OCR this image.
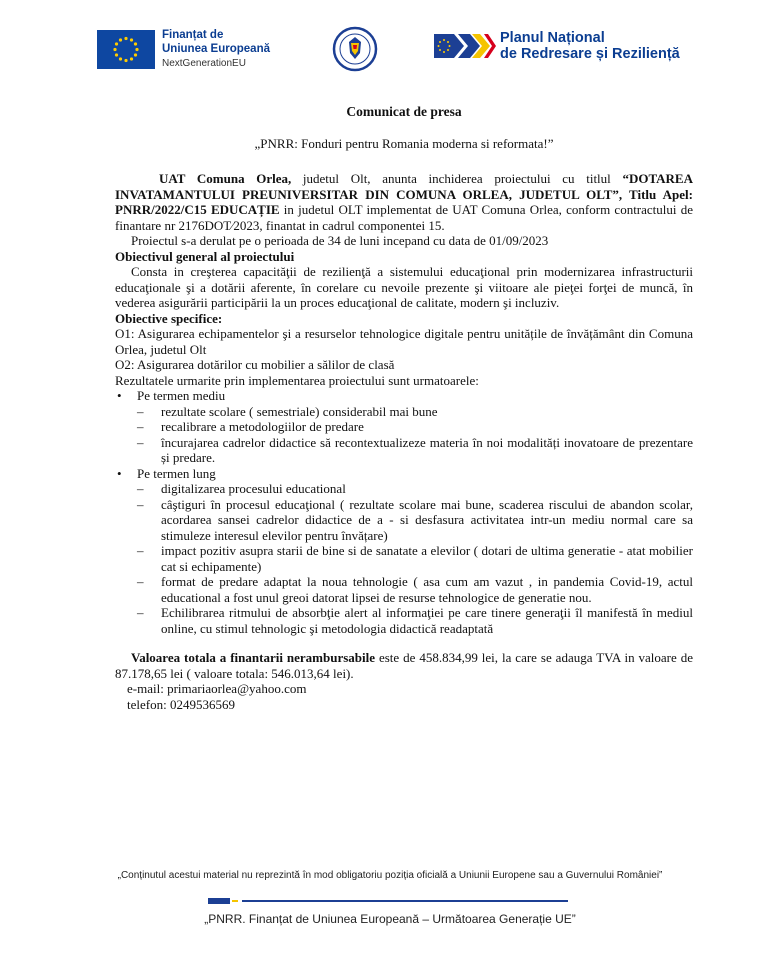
Finanțat de
Uniunea Europeană
NextGenerationEU
Planul Național
de Redresare și Reziliență
Comunicat de presa
„PNRR: Fonduri pentru Romania moderna si reformata!”

UAT Comuna Orlea, judetul Olt, anunta inchiderea proiectului cu titlul “DOTAREA INVATAMANTULUI PREUNIVERSITAR DIN COMUNA ORLEA, JUDETUL OLT”, Titlu Apel: PNRR/2022/C15 EDUCAȚIE in judetul OLT implementat de UAT Comuna Orlea, conform contractului de finantare nr 2176DOT⁄2023, finantat in cadrul componentei 15.

Proiectul s-a derulat pe o perioada de 34 de luni incepand cu data de 01/09/2023

Obiectivul general al proiectului

Consta in creşterea capacităţii de rezilienţă a sistemului educaţional prin modernizarea infrastructurii educaţionale şi a dotării aferente, în corelare cu nevoile prezente şi viitoare ale pieţei forţei de muncă, în vederea asigurării participării la un proces educaţional de calitate, modern şi incluziv.

Obiective specifice:

O1: Asigurarea echipamentelor şi a resurselor tehnologice digitale pentru unitățile de învățământ din Comuna Orlea, judetul Olt

O2: Asigurarea dotărilor cu mobilier a sălilor de clasă

Rezultatele urmarite prin implementarea proiectului sunt urmatoarele:

• Pe termen mediu
– rezultate scolare ( semestriale) considerabil mai bune
– recalibrare a metodologiilor de predare
– încurajarea cadrelor didactice să recontextualizeze materia în noi modalități inovatoare de prezentare și predare.
• Pe termen lung
– digitalizarea procesului educational
– câştiguri în procesul educaţional ( rezultate scolare mai bune, scaderea riscului de abandon scolar, acordarea sansei cadrelor didactice de a - si desfasura activitatea intr-un mediu normal care sa stimuleze interesul elevilor pentru învățare)
– impact pozitiv asupra starii de bine si de sanatate a elevilor ( dotari de ultima generatie - atat mobilier cat si echipamente)
– format de predare adaptat la noua tehnologie ( asa cum am vazut , in pandemia Covid-19, actul educational a fost unul greoi datorat lipsei de resurse tehnologice de generatie nou.
– Echilibrarea ritmului de absorbţie alert al informaţiei pe care tinere generaţii îl manifestă în mediul online, cu stimul tehnologic şi metodologia didactică readaptată

Valoarea totala a finantarii nerambursabile este de 458.834,99 lei, la care se adauga TVA in valoare de 87.178,65 lei ( valoare totala: 546.013,64 lei).

e-mail: primariaorlea@yahoo.com

telefon: 0249536569

„Conținutul acestui material nu reprezintă în mod obligatoriu poziția oficială a Uniunii Europene sau a Guvernului României”
„PNRR. Finanțat de Uniunea Europeană – Următoarea Generație UE”
